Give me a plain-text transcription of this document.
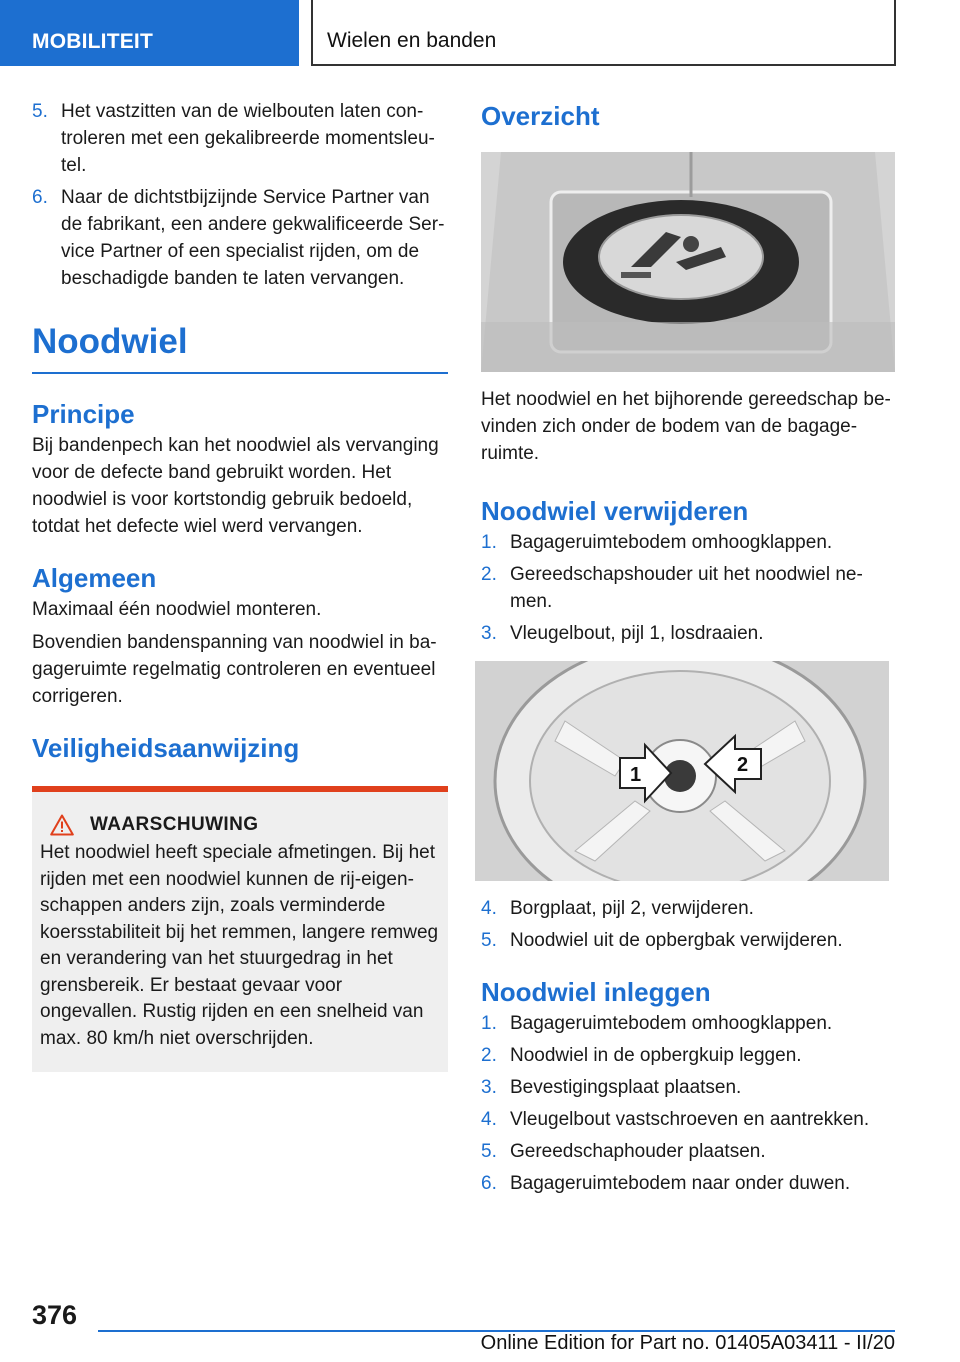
MOBILITEIT	Wielen en banden
5. Het vastzitten van de wielbouten laten controleren met een gekalibreerde momentsleutel.
6. Naar de dichtstbijzijnde Service Partner van de fabrikant, een andere gekwalificeerde Service Partner of een specialist rijden, om de beschadigde banden te laten vervangen.
Noodwiel
Principe

Bij bandenpech kan het noodwiel als vervanging voor de defecte band gebruikt worden. Het noodwiel is voor kortstondig gebruik bedoeld, totdat het defecte wiel werd vervangen.

Algemeen

Maximaal één noodwiel monteren.

Bovendien bandenspanning van noodwiel in bagageruimte regelmatig controleren en eventueel corrigeren.

Veiligheidsaanwijzing
WAARSCHUWING

Het noodwiel heeft speciale afmetingen. Bij het rijden met een noodwiel kunnen de rij-eigenschappen anders zijn, zoals verminderde koersstabiliteit bij het remmen, langere remweg en verandering van het stuurgedrag in het grensbereik. Er bestaat gevaar voor ongevallen. Rustig rijden en een snelheid van max. 80 km/h niet overschrijden.

Overzicht

Het noodwiel en het bijhorende gereedschap bevinden zich onder de bodem van de bagageruimte.

Noodwiel verwijderen
1. Bagageruimtebodem omhoogklappen.
2. Gereedschapshouder uit het noodwiel nemen.
3. Vleugelbout, pijl 1, losdraaien.
1	2
4. Borgplaat, pijl 2, verwijderen.
5. Noodwiel uit de opbergbak verwijderen.
Noodwiel inleggen
1. Bagageruimtebodem omhoogklappen.
2. Noodwiel in de opbergkuip leggen.
3. Bevestigingsplaat plaatsen.
4. Vleugelbout vastschroeven en aantrekken.
5. Gereedschaphouder plaatsen.
6. Bagageruimtebodem naar onder duwen.
376
Online Edition for Part no. 01405A03411 - II/20
